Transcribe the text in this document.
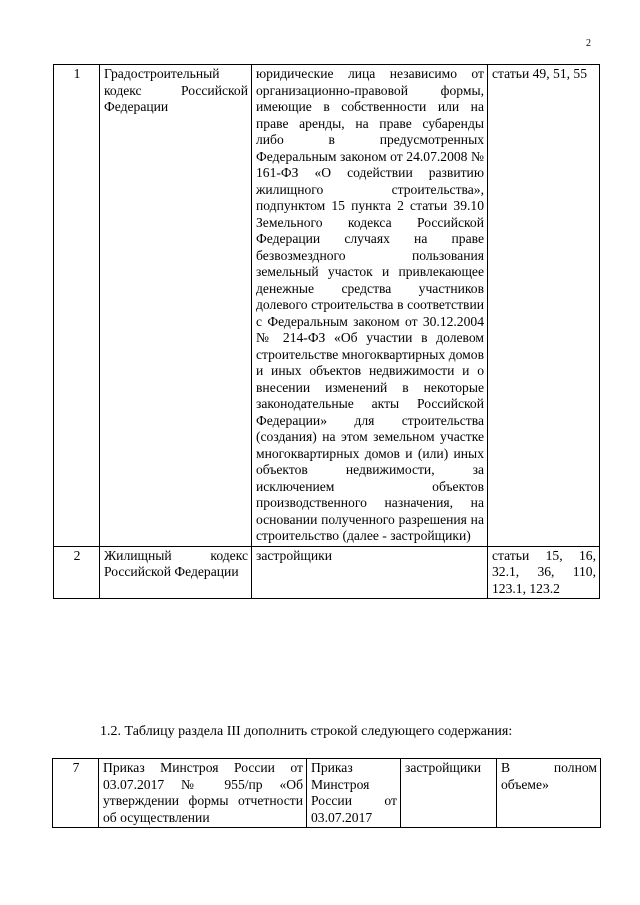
2
1	Градостроительный кодекс Российской Федерации	юридические лица независимо от организационно-правовой формы, имеющие в собственности или на праве аренды, на праве субаренды либо в предусмотренных Федеральным законом от 24.07.2008 № 161-ФЗ «О содействии развитию жилищного строительства», подпунктом 15 пункта 2 статьи 39.10 Земельного кодекса Российской Федерации случаях на праве безвозмездного пользования земельный участок и привлекающее денежные средства участников долевого строительства в соответствии с Федеральным законом от 30.12.2004 № 214-ФЗ «Об участии в долевом строительстве многоквартирных домов и иных объектов недвижимости и о внесении изменений в некоторые законодательные акты Российской Федерации» для строительства (создания) на этом земельном участке многоквартирных домов и (или) иных объектов недвижимости, за исключением объектов производственного назначения, на основании полученного разрешения на строительство (далее - застройщики)	статьи 49, 51, 55
2	Жилищный кодекс Российской Федерации	застройщики	статьи 15, 16, 32.1, 36, 110, 123.1, 123.2
1.2. Таблицу раздела III дополнить строкой следующего содержания:
7	Приказ Минстроя России от 03.07.2017 № 955/пр «Об утверждении формы отчетности об осуществлении	Приказ Минстроя России от 03.07.2017	застройщики	В полном объеме»
